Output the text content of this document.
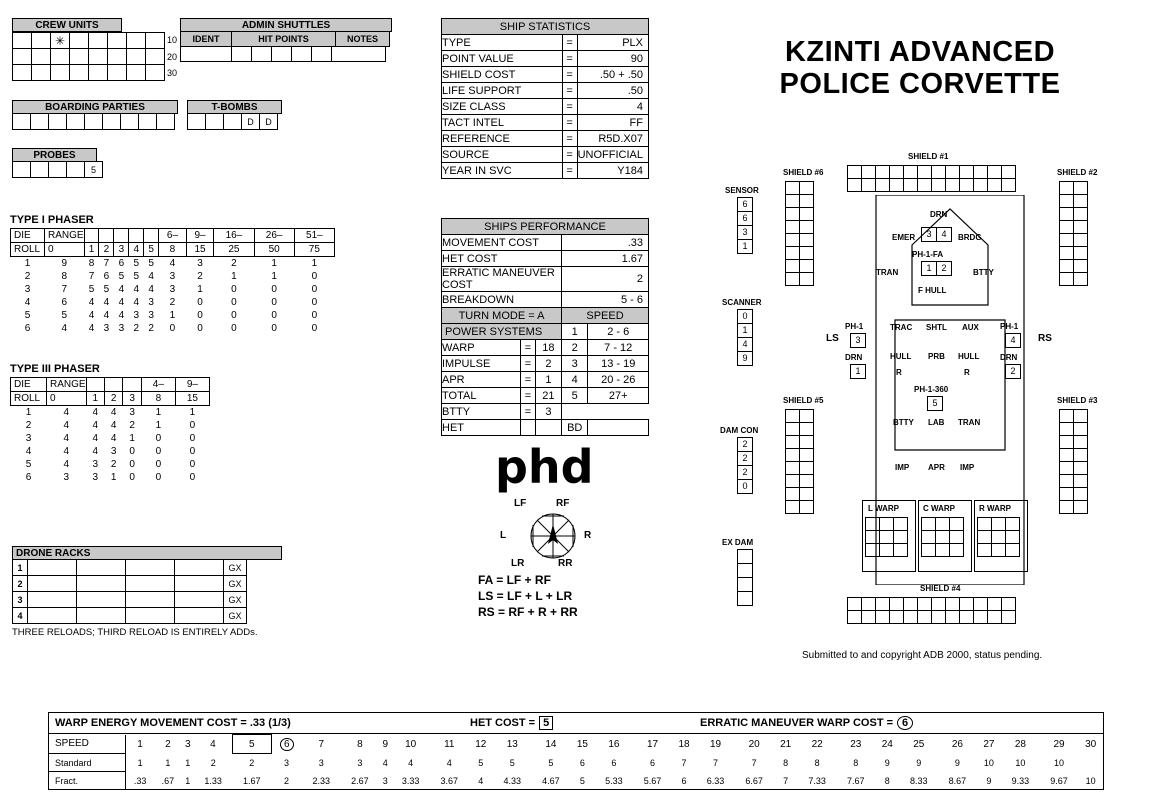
CREW UNITS
✳	10
20
30
ADMIN SHUTTLES
IDENT	HIT POINTS	NOTES
BOARDING PARTIES	T-BOMBS
D	D
PROBES
5
SHIP STATISTICS		
TYPE	=	PLX
POINT VALUE	=	90
SHIELD COST	=	.50 + .50
LIFE SUPPORT	=	.50
SIZE CLASS	=	4
TACT INTEL	=	FF
REFERENCE	=	R5D.X07
SOURCE	=	UNOFFICIAL
YEAR IN SVC	=	Y184
KZINTI ADVANCED
POLICE CORVETTE
TYPE I PHASER
DIE	RANGE						6–	9–	16–	26–	51–
ROLL	0	1	2	3	4	5	8	15	25	50	75
1	9	8	7	6	5	5	4	3	2	1	1
2	8	7	6	5	5	4	3	2	1	1	0
3	7	5	5	4	4	4	3	1	0	0	0
4	6	4	4	4	4	3	2	0	0	0	0
5	5	4	4	4	3	3	1	0	0	0	0
6	4	4	3	3	2	2	0	0	0	0	0
TYPE III PHASER
DIE	RANGE				4–	9–
ROLL	0	1	2	3	8	15
1	4	4	4	3	1	1
2	4	4	4	2	1	0
3	4	4	4	1	0	0
4	4	4	3	0	0	0
5	4	3	2	0	0	0
6	3	3	1	0	0	0
SHIPS PERFORMANCE				
MOVEMENT COST			.33	
HET COST			1.67	
ERRATIC MANEUVER COST			2	
BREAKDOWN			5 - 6	
TURN MODE = A			SPEED	
POWER SYSTEMS			1	2 - 6
WARP	=	18	2	7 - 12
IMPULSE	=	2	3	13 - 19
APR	=	1	4	20 - 26
TOTAL	=	21	5	27+
BTTY	=	3		
HET			BD	
phd
LF	RF
L	R
LR	RR
FA = LF + RF
LS = LF + L + LR
RS = RF + R + RR
DRONE RACKS
1	GX
2	GX
3	GX
4	GX
THREE RELOADS; THIRD RELOAD IS ENTIRELY ADDs.
SHIELD #1
SHIELD #6	SHIELD #2
SHIELD #5	SHIELD #3
SHIELD #4
SENSOR
6
6
3
1
SCANNER
0
1
4
9
DAM CON
2
2
2
0
EX DAM
LS	RS
DRN
EMER	3	4	BRDG
PH-1-FA
1	2
TRAN	BTTY
F HULL
PH-1
3
DRN
1
PH-1
4
DRN
2
TRAC SHTL AUX
HULL PRB HULL
R	R
PH-1-360
5
BTTY LAB TRAN
IMP APR IMP
L WARP	C WARP	R WARP
Submitted to and copyright ADB 2000, status pending.
WARP ENERGY MOVEMENT COST = .33 (1/3)	HET COST = 5	ERRATIC MANEUVER WARP COST = 6
SPEED	1	2	3	4	5	6	7	8	9	10	11	12	13	14	15	16	17	18	19	20	21	22	23	24	25	26	27	28	29	30
Standard	1	1	1	2	2	3	3	3	4	4	4	5	5	5	6	6	6	7	7	7	8	8	8	9	9	9	10	10	10	
Fract.	.33	.67	1	1.33	1.67	2	2.33	2.67	3	3.33	3.67	4	4.33	4.67	5	5.33	5.67	6	6.33	6.67	7	7.33	7.67	8	8.33	8.67	9	9.33	9.67	10
